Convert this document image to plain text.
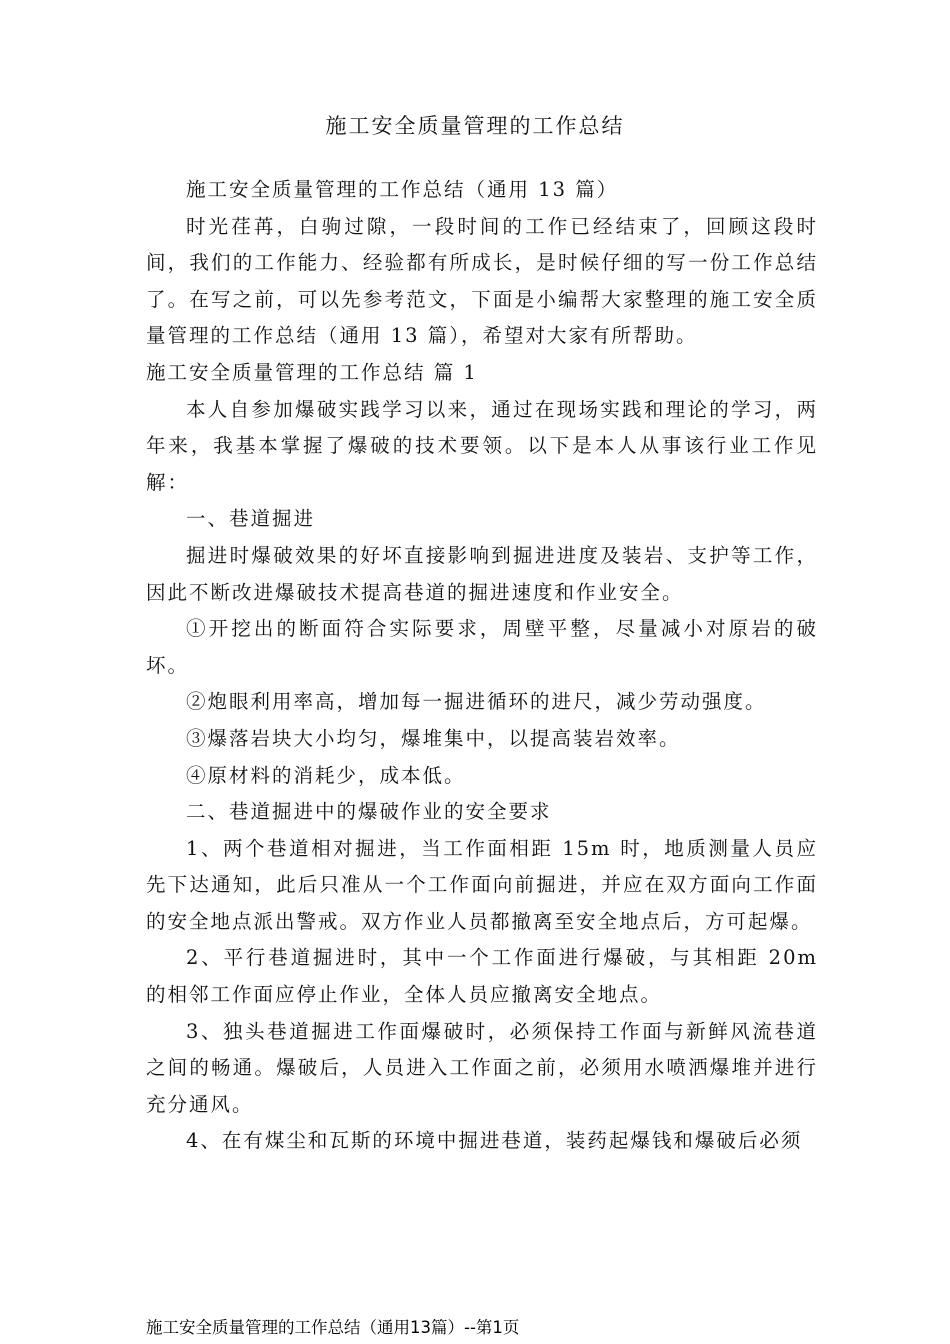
施工安全质量管理的工作总结

施工安全质量管理的工作总结（通用 13 篇）

时光荏苒，白驹过隙，一段时间的工作已经结束了，回顾这段时间，我们的工作能力、经验都有所成长，是时候仔细的写一份工作总结了。在写之前，可以先参考范文，下面是小编帮大家整理的施工安全质量管理的工作总结（通用 13 篇），希望对大家有所帮助。

施工安全质量管理的工作总结 篇 1

本人自参加爆破实践学习以来，通过在现场实践和理论的学习，两年来，我基本掌握了爆破的技术要领。以下是本人从事该行业工作见解：

一、巷道掘进

掘进时爆破效果的好坏直接影响到掘进进度及装岩、支护等工作，因此不断改进爆破技术提高巷道的掘进速度和作业安全。

①开挖出的断面符合实际要求，周壁平整，尽量减小对原岩的破坏。

②炮眼利用率高，增加每一掘进循环的进尺，减少劳动强度。

③爆落岩块大小均匀，爆堆集中，以提高装岩效率。

④原材料的消耗少，成本低。

二、巷道掘进中的爆破作业的安全要求

1、两个巷道相对掘进，当工作面相距 15m 时，地质测量人员应先下达通知，此后只准从一个工作面向前掘进，并应在双方面向工作面的安全地点派出警戒。双方作业人员都撤离至安全地点后，方可起爆。

2、平行巷道掘进时，其中一个工作面进行爆破，与其相距 20m 的相邻工作面应停止作业，全体人员应撤离安全地点。

3、独头巷道掘进工作面爆破时，必须保持工作面与新鲜风流巷道之间的畅通。爆破后，人员进入工作面之前，必须用水喷洒爆堆并进行充分通风。

4、在有煤尘和瓦斯的环境中掘进巷道，装药起爆钱和爆破后必须

施工安全质量管理的工作总结（通用13篇）--第1页
